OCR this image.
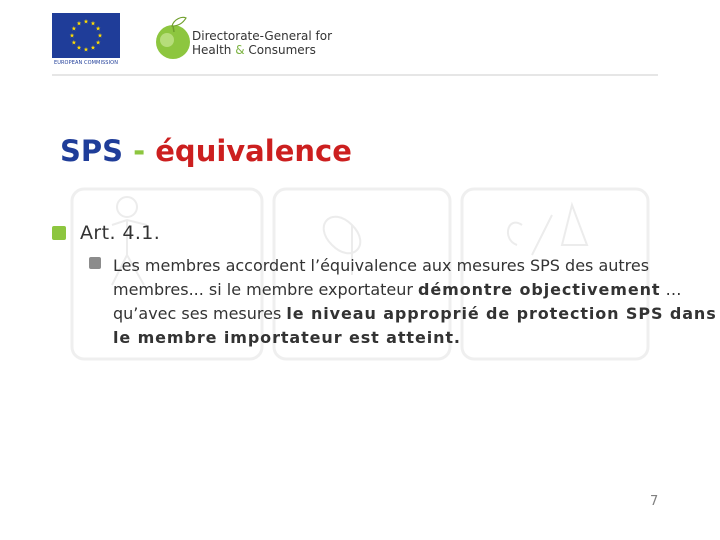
EUROPEAN COMMISSION
Directorate-General for
Health & Consumers
SPS - équivalence
Art. 4.1.
Les membres accordent l’équivalence aux mesures SPS des autres membres... si le membre exportateur démontre objectivement … qu’avec ses mesures le niveau approprié de protection SPS dans le membre importateur est atteint.
7
